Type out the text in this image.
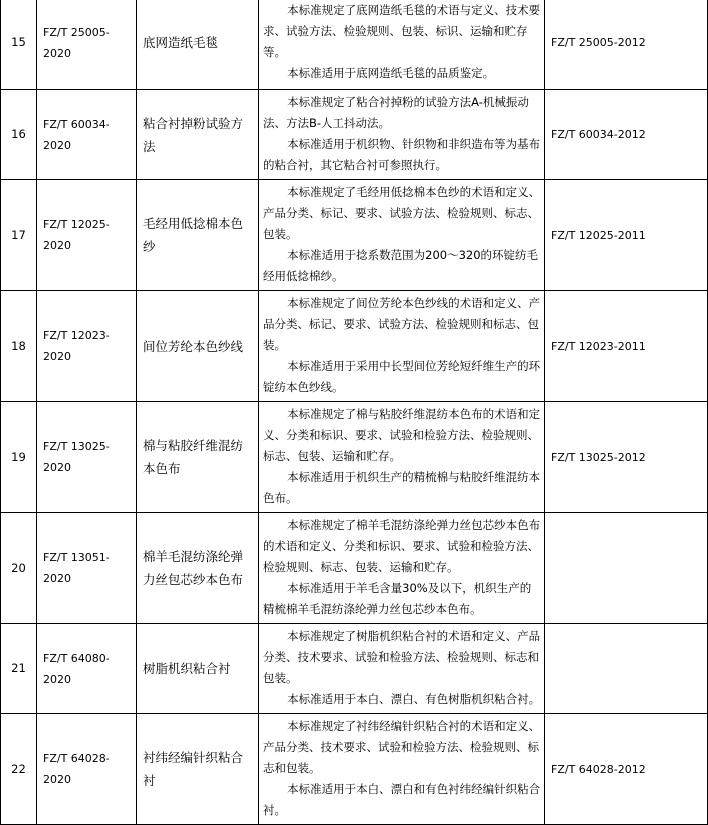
15	FZ/T 25005-2020	底网造纸毛毯	本标准规定了底网造纸毛毯的术语与定义、技术要求、试验方法、检验规则、包装、标识、运输和贮存等。

本标准适用于底网造纸毛毯的品质鉴定。	FZ/T 25005-2012
16	FZ/T 60034-2020	粘合衬掉粉试验方法	本标准规定了粘合衬掉粉的试验方法A-机械振动法、方法B-人工抖动法。

本标准适用于机织物、针织物和非织造布等为基布的粘合衬，其它粘合衬可参照执行。	FZ/T 60034-2012
17	FZ/T 12025-2020	毛经用低捻棉本色纱	本标准规定了毛经用低捻棉本色纱的术语和定义、产品分类、标记、要求、试验方法、检验规则、标志、包装。

本标准适用于捻系数范围为200～320的环锭纺毛经用低捻棉纱。	FZ/T 12025-2011
18	FZ/T 12023-2020	间位芳纶本色纱线	本标准规定了间位芳纶本色纱线的术语和定义、产品分类、标记、要求、试验方法、检验规则和标志、包装。

本标准适用于采用中长型间位芳纶短纤维生产的环锭纺本色纱线。	FZ/T 12023-2011
19	FZ/T 13025-2020	棉与粘胶纤维混纺本色布	本标准规定了棉与粘胶纤维混纺本色布的术语和定义、分类和标识、要求、试验和检验方法、检验规则、标志、包装、运输和贮存。

本标准适用于机织生产的精梳棉与粘胶纤维混纺本色布。	FZ/T 13025-2012
20	FZ/T 13051-2020	棉羊毛混纺涤纶弹力丝包芯纱本色布	本标准规定了棉羊毛混纺涤纶弹力丝包芯纱本色布的术语和定义、分类和标识、要求、试验和检验方法、检验规则、标志、包装、运输和贮存。

本标准适用于羊毛含量30%及以下，机织生产的精梳棉羊毛混纺涤纶弹力丝包芯纱本色布。	

21	FZ/T 64080-2020	树脂机织粘合衬	本标准规定了树脂机织粘合衬的术语和定义、产品分类、技术要求、试验和检验方法、检验规则、标志和包装。

本标准适用于本白、漂白、有色树脂机织粘合衬。	

22	FZ/T 64028-2020	衬纬经编针织粘合衬	本标准规定了衬纬经编针织粘合衬的术语和定义、产品分类、技术要求、试验和检验方法、检验规则、标志和包装。

本标准适用于本白、漂白和有色衬纬经编针织粘合衬。	FZ/T 64028-2012
